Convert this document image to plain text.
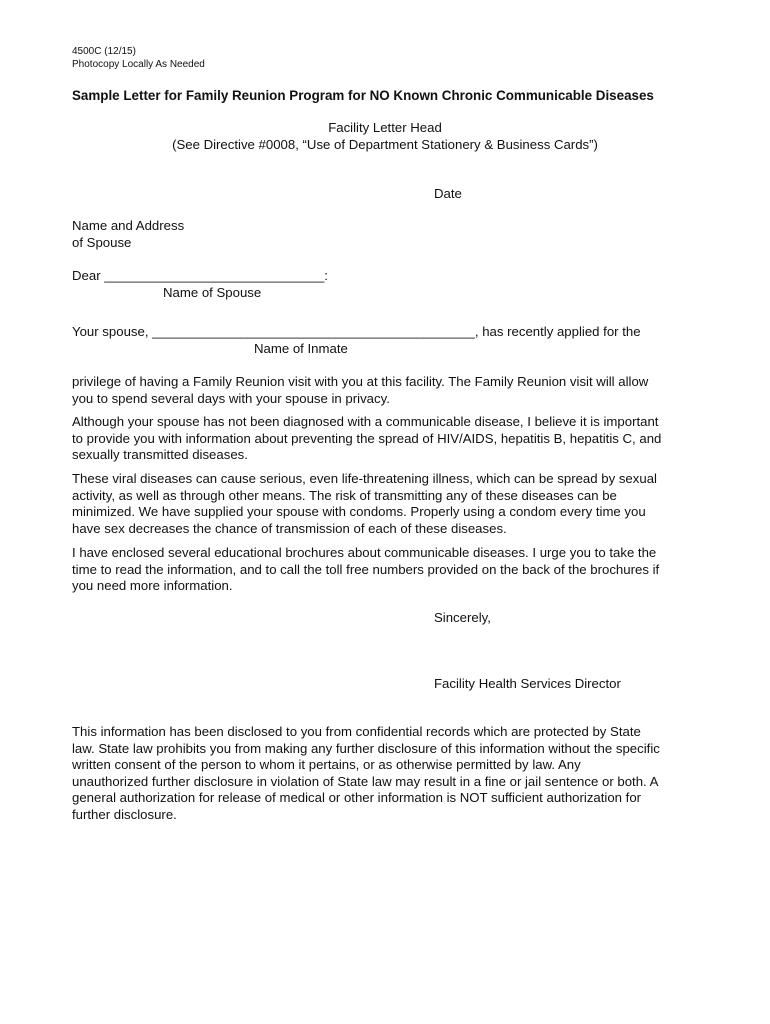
4500C (12/15)
Photocopy Locally As Needed
Sample Letter for Family Reunion Program for NO Known Chronic Communicable Diseases
Facility Letter Head
(See Directive #0008, “Use of Department Stationery & Business Cards”)
Date
Name and Address
of Spouse
Dear ______________________________:
Name of Spouse
Your spouse, ____________________________________________, has recently applied for the
Name of Inmate
privilege of having a Family Reunion visit with you at this facility. The Family Reunion visit will allow
you to spend several days with your spouse in privacy.
Although your spouse has not been diagnosed with a communicable disease, I believe it is important
to provide you with information about preventing the spread of HIV/AIDS, hepatitis B, hepatitis C, and
sexually transmitted diseases.
These viral diseases can cause serious, even life-threatening illness, which can be spread by sexual
activity, as well as through other means. The risk of transmitting any of these diseases can be
minimized. We have supplied your spouse with condoms. Properly using a condom every time you
have sex decreases the chance of transmission of each of these diseases.
I have enclosed several educational brochures about communicable diseases. I urge you to take the
time to read the information, and to call the toll free numbers provided on the back of the brochures if
you need more information.
Sincerely,
Facility Health Services Director
This information has been disclosed to you from confidential records which are protected by State
law. State law prohibits you from making any further disclosure of this information without the specific
written consent of the person to whom it pertains, or as otherwise permitted by law. Any
unauthorized further disclosure in violation of State law may result in a fine or jail sentence or both. A
general authorization for release of medical or other information is NOT sufficient authorization for
further disclosure.
